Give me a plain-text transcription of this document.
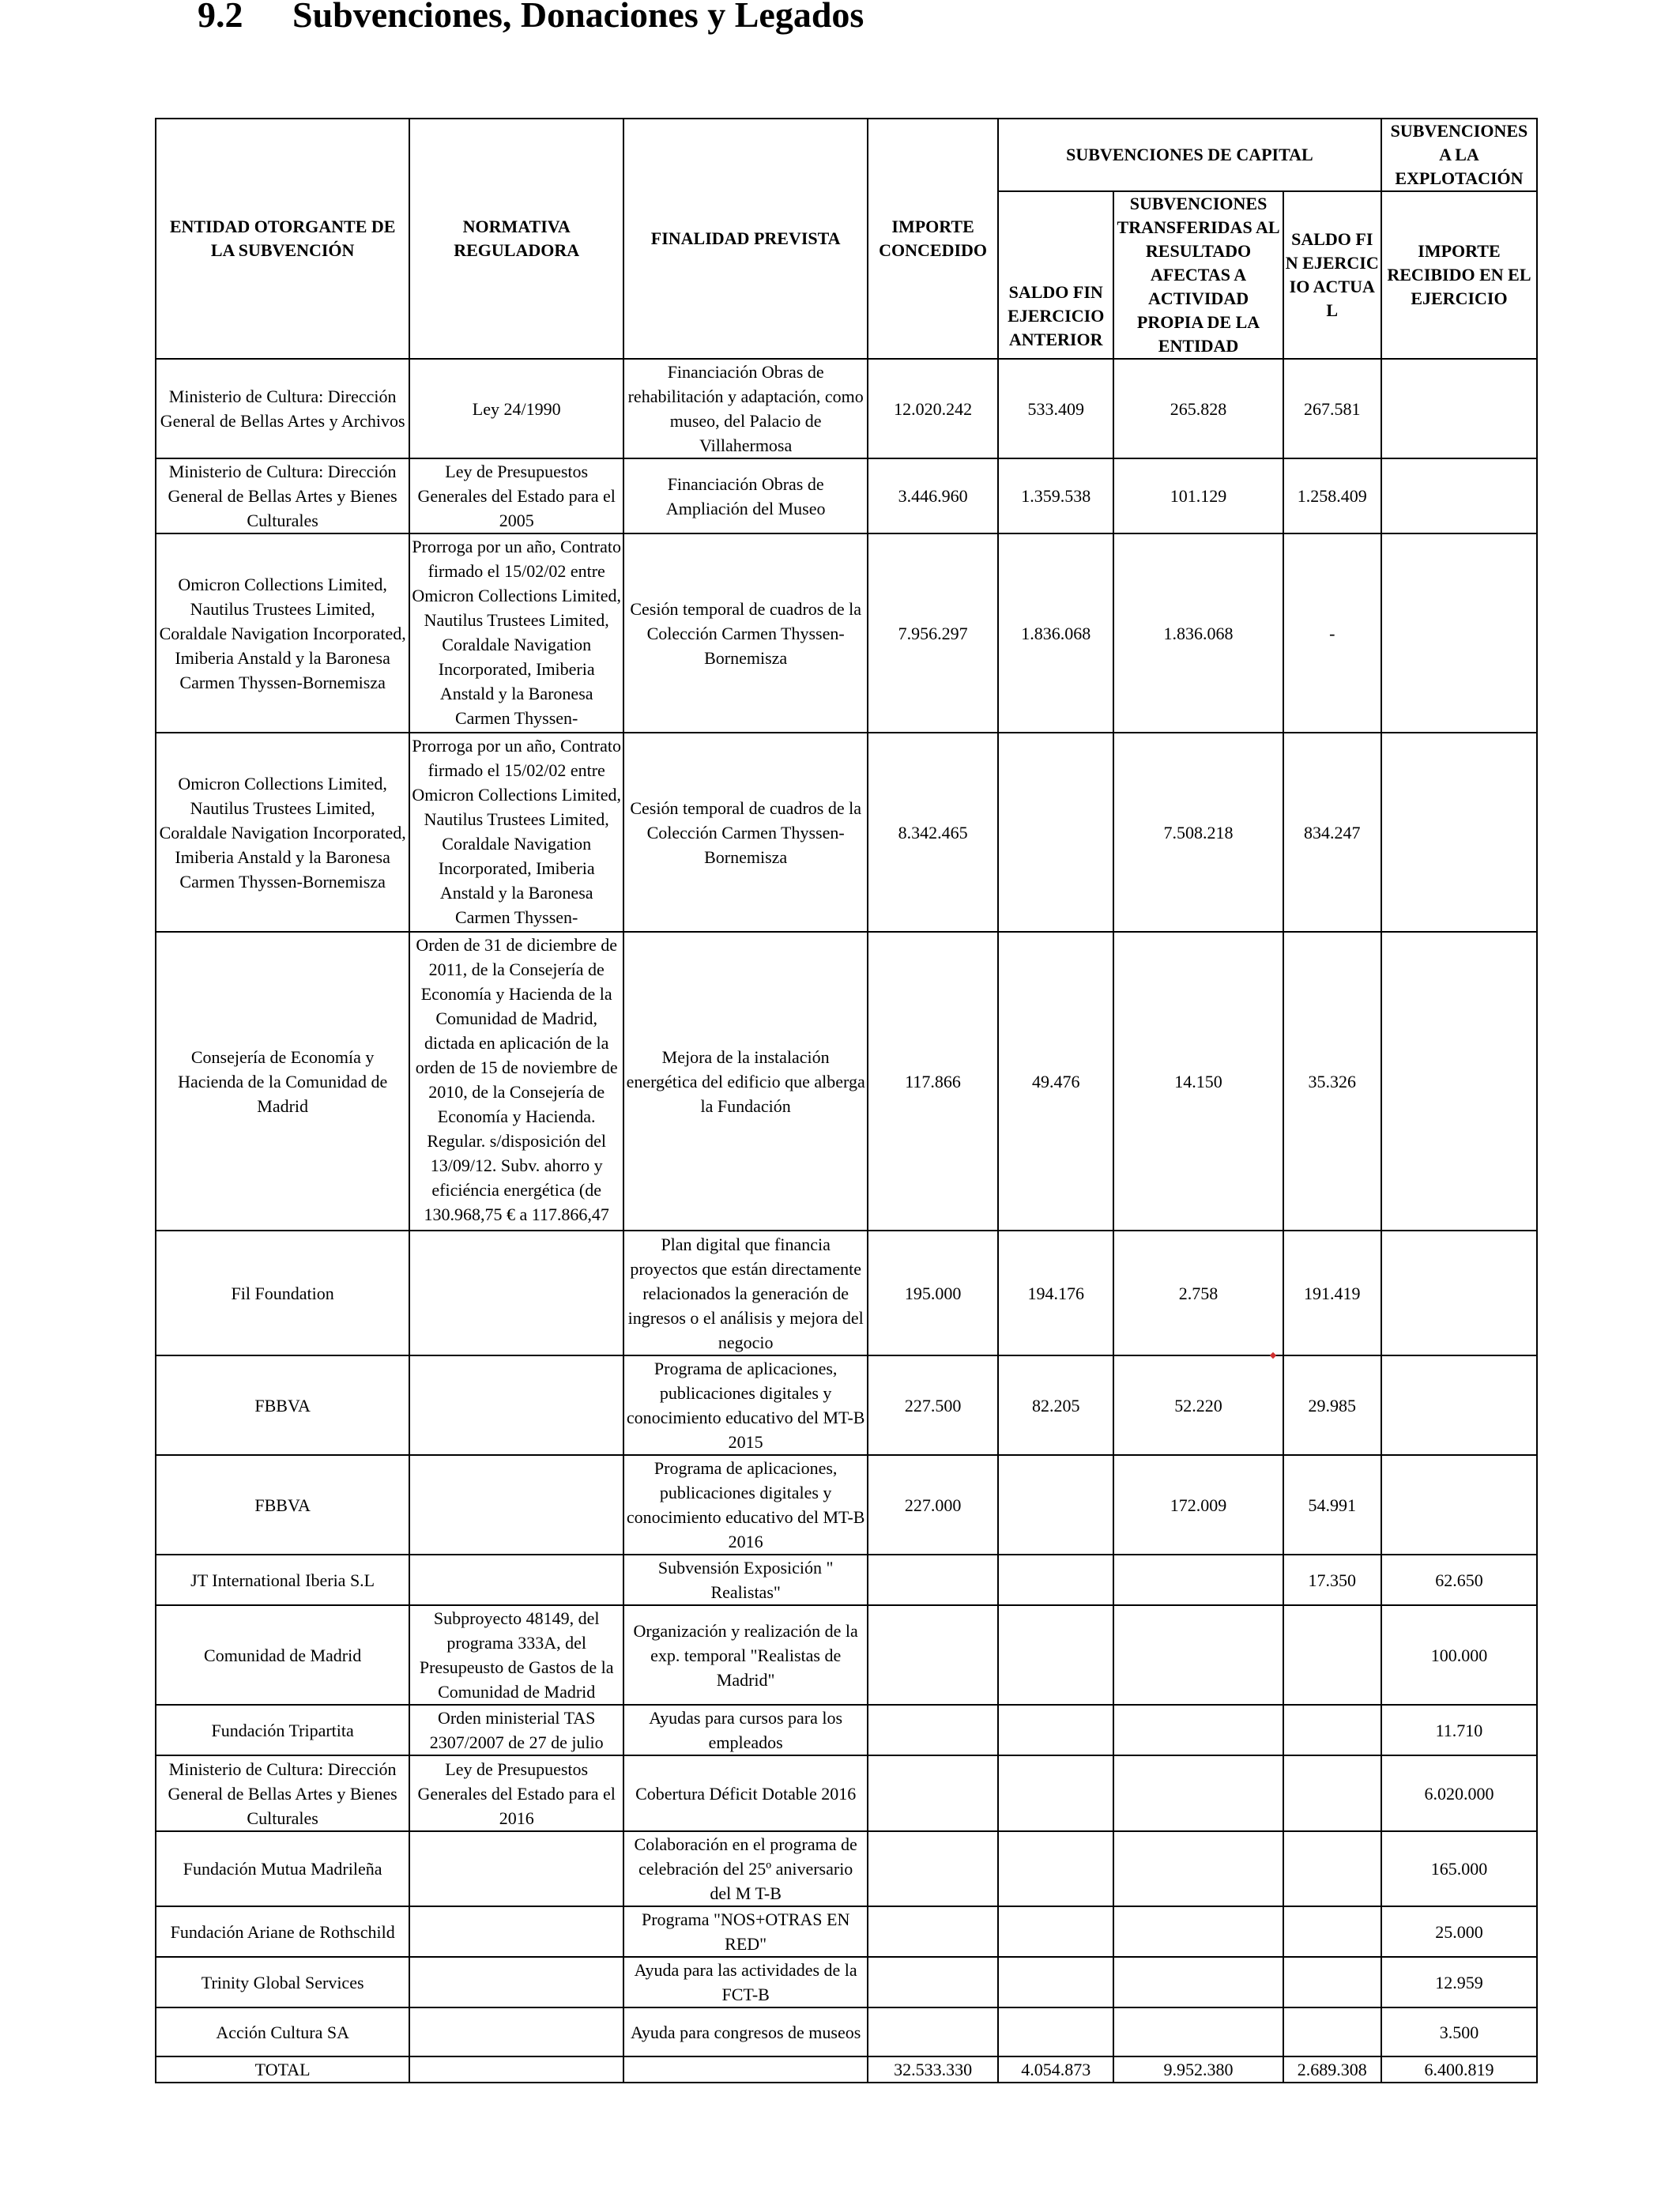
9.2 Subvenciones, Donaciones y Legados
ENTIDAD OTORGANTE DE LA SUBVENCIÓN	NORMATIVA REGULADORA	FINALIDAD PREVISTA	IMPORTE CONCEDIDO	SUBVENCIONES DE CAPITAL			SUBVENCIONES A LA EXPLOTACIÓN
				SALDO FIN EJERCICIO ANTERIOR	SUBVENCIONES TRANSFERIDAS AL RESULTADO AFECTAS A ACTIVIDAD PROPIA DE LA ENTIDAD	SALDO FIN EJERCICIO ACTUAL	IMPORTE RECIBIDO EN EL EJERCICIO
Ministerio de Cultura: Dirección General de Bellas Artes y Archivos	Ley 24/1990	Financiación Obras de rehabilitación y adaptación, como museo, del Palacio de Villahermosa	12.020.242	533.409	265.828	267.581	
Ministerio de Cultura: Dirección General de Bellas Artes y Bienes Culturales	Ley de Presupuestos Generales del Estado para el 2005	Financiación Obras de Ampliación del Museo	3.446.960	1.359.538	101.129	1.258.409	
Omicron Collections Limited, Nautilus Trustees Limited, Coraldale Navigation Incorporated, Imiberia Anstald y la Baronesa Carmen Thyssen-Bornemisza	Prorroga por un año, Contrato firmado el 15/02/02 entre Omicron Collections Limited, Nautilus Trustees Limited, Coraldale Navigation Incorporated, Imiberia Anstald y la Baronesa Carmen Thyssen-	Cesión temporal de cuadros de la Colección Carmen Thyssen-Bornemisza	7.956.297	1.836.068	1.836.068	-	
Omicron Collections Limited, Nautilus Trustees Limited, Coraldale Navigation Incorporated, Imiberia Anstald y la Baronesa Carmen Thyssen-Bornemisza	Prorroga por un año, Contrato firmado el 15/02/02 entre Omicron Collections Limited, Nautilus Trustees Limited, Coraldale Navigation Incorporated, Imiberia Anstald y la Baronesa Carmen Thyssen-	Cesión temporal de cuadros de la Colección Carmen Thyssen-Bornemisza	8.342.465		7.508.218	834.247	
Consejería de Economía y Hacienda de la Comunidad de Madrid	Orden de 31 de diciembre de 2011, de la Consejería de Economía y Hacienda de la Comunidad de Madrid, dictada en aplicación de la orden de 15 de noviembre de 2010, de la Consejería de Economía y Hacienda. Regular. s/disposición del 13/09/12. Subv. ahorro y eficiéncia energética (de 130.968,75 € a 117.866,47	Mejora de la instalación energética del edificio que alberga la Fundación	117.866	49.476	14.150	35.326	
Fil Foundation		Plan digital que financia proyectos que están directamente relacionados la generación de ingresos o el análisis y mejora del negocio	195.000	194.176	2.758	191.419	
FBBVA		Programa de aplicaciones, publicaciones digitales y conocimiento educativo del MT-B 2015	227.500	82.205	52.220	29.985	
FBBVA		Programa de aplicaciones, publicaciones digitales y conocimiento educativo del MT-B 2016	227.000		172.009	54.991	
JT International Iberia S.L		Subvensión Exposición " Realistas"				17.350	62.650
Comunidad de Madrid	Subproyecto 48149, del programa 333A, del Presupeusto de Gastos de la Comunidad de Madrid	Organización y realización de la exp. temporal "Realistas de Madrid"					100.000
Fundación Tripartita	Orden ministerial TAS 2307/2007 de 27 de julio	Ayudas para cursos para los empleados					11.710
Ministerio de Cultura: Dirección General de Bellas Artes y Bienes Culturales	Ley de Presupuestos Generales del Estado para el 2016	Cobertura Déficit Dotable 2016					6.020.000
Fundación Mutua Madrileña		Colaboración en el programa de celebración del 25º aniversario del M T-B					165.000
Fundación Ariane de Rothschild		Programa "NOS+OTRAS EN RED"					25.000
Trinity Global Services		Ayuda para las actividades de la FCT-B					12.959
Acción Cultura SA		Ayuda para congresos de museos					3.500
TOTAL			32.533.330	4.054.873	9.952.380	2.689.308	6.400.819
